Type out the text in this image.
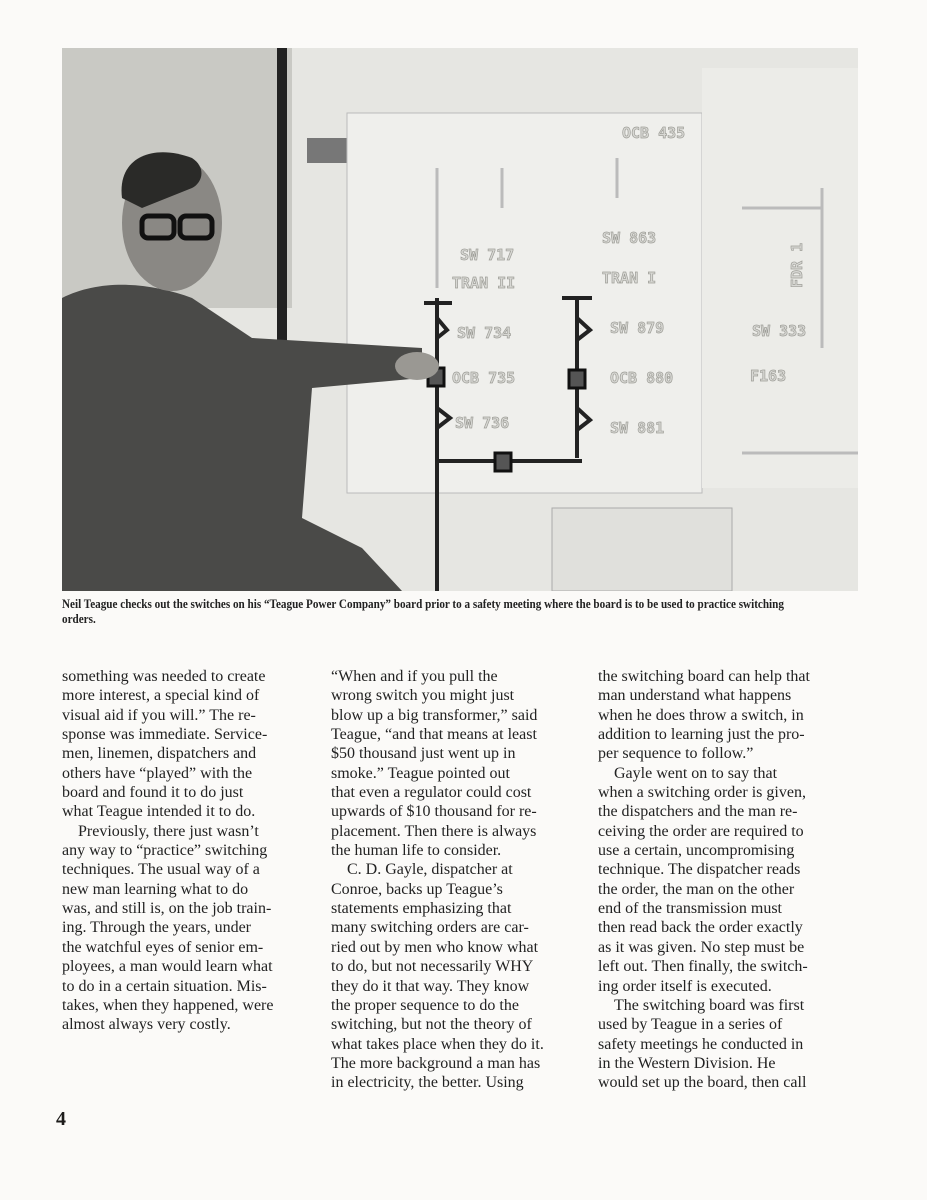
OCB 435
SW 717
TRAN II
SW 734
OCB 735
SW 736
SW 863
TRAN I
SW 879
OCB 880
SW 881
FDR 1
SW 333
F163
Neil Teague checks out the switches on his “Teague Power Company” board prior to a safety meeting where the board is to be used to practice switching orders.
something was needed to create
more interest, a special kind of
visual aid if you will.” The re-
sponse was immediate. Service-
men, linemen, dispatchers and
others have “played” with the
board and found it to do just
what Teague intended it to do.
 Previously, there just wasn’t
any way to “practice” switching
techniques. The usual way of a
new man learning what to do
was, and still is, on the job train-
ing. Through the years, under
the watchful eyes of senior em-
ployees, a man would learn what
to do in a certain situation. Mis-
takes, when they happened, were
almost always very costly.
“When and if you pull the
wrong switch you might just
blow up a big transformer,” said
Teague, “and that means at least
$50 thousand just went up in
smoke.” Teague pointed out
that even a regulator could cost
upwards of $10 thousand for re-
placement. Then there is always
the human life to consider.
 C. D. Gayle, dispatcher at
Conroe, backs up Teague’s
statements emphasizing that
many switching orders are car-
ried out by men who know what
to do, but not necessarily WHY
they do it that way. They know
the proper sequence to do the
switching, but not the theory of
what takes place when they do it.
The more background a man has
in electricity, the better. Using
the switching board can help that
man understand what happens
when he does throw a switch, in
addition to learning just the pro-
per sequence to follow.”
 Gayle went on to say that
when a switching order is given,
the dispatchers and the man re-
ceiving the order are required to
use a certain, uncompromising
technique. The dispatcher reads
the order, the man on the other
end of the transmission must
then read back the order exactly
as it was given. No step must be
left out. Then finally, the switch-
ing order itself is executed.
 The switching board was first
used by Teague in a series of
safety meetings he conducted in
in the Western Division. He
would set up the board, then call
4
